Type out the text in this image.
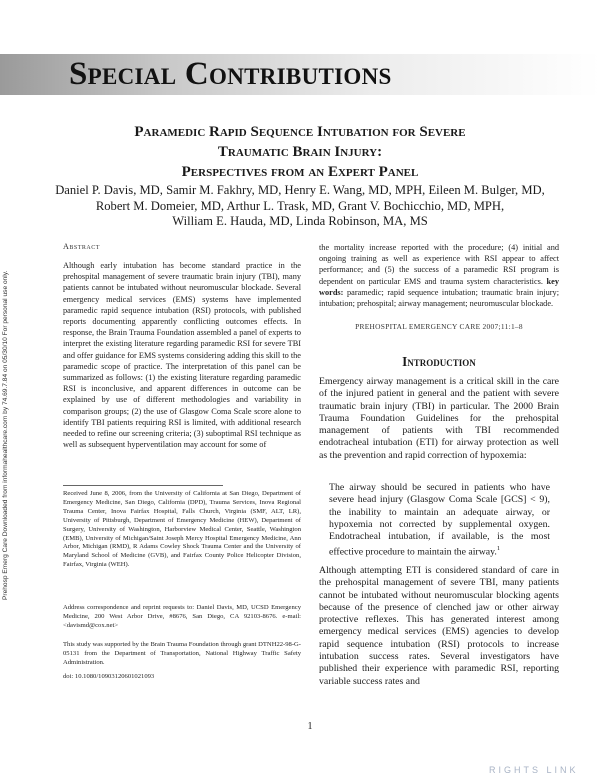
Special Contributions
Prehosp Emerg Care Downloaded from informahealthcare.com by 74.69.7.84 on 05/30/10 For personal use only.
Paramedic Rapid Sequence Intubation for Severe
Traumatic Brain Injury:
Perspectives from an Expert Panel
Daniel P. Davis, MD, Samir M. Fakhry, MD, Henry E. Wang, MD, MPH, Eileen M. Bulger, MD,
Robert M. Domeier, MD, Arthur L. Trask, MD, Grant V. Bochicchio, MD, MPH,
William E. Hauda, MD, Linda Robinson, MA, MS
Abstract
Although early intubation has become standard practice in the prehospital management of severe traumatic brain injury (TBI), many patients cannot be intubated without neuromuscular blockade. Several emergency medical services (EMS) systems have implemented paramedic rapid sequence intubation (RSI) protocols, with published reports documenting apparently conflicting outcomes effects. In response, the Brain Trauma Foundation assembled a panel of experts to interpret the existing literature regarding paramedic RSI for severe TBI and offer guidance for EMS systems considering adding this skill to the paramedic scope of practice. The interpretation of this panel can be summarized as follows: (1) the existing literature regarding paramedic RSI is inconclusive, and apparent differences in outcome can be explained by use of different methodologies and variability in comparison groups; (2) the use of Glasgow Coma Scale score alone to identify TBI patients requiring RSI is limited, with additional research needed to refine our screening criteria; (3) suboptimal RSI technique as well as subsequent hyperventilation may account for some of
Received June 8, 2006, from the University of California at San Diego, Department of Emergency Medicine, San Diego, California (DPD), Trauma Services, Inova Regional Trauma Center, Inova Fairfax Hospital, Falls Church, Virginia (SMF, ALT, LR), University of Pittsburgh, Department of Emergency Medicine (HEW), Department of Surgery, University of Washington, Harborview Medical Center, Seattle, Washington (EMB), University of Michigan/Saint Joseph Mercy Hospital Emergency Medicine, Ann Arbor, Michigan (RMD), R Adams Cowley Shock Trauma Center and the University of Maryland School of Medicine (GVB), and Fairfax County Police Helicopter Division, Fairfax, Virginia (WEH).
Address correspondence and reprint requests to: Daniel Davis, MD, UCSD Emergency Medicine, 200 West Arbor Drive, #8676, San Diego, CA 92103-8676. e-mail: <davismd@cox.net>
This study was supported by the Brain Trauma Foundation through grant DTNH22-98-G-05131 from the Department of Transportation, National Highway Traffic Safety Administration.
doi: 10.1080/10903120601021093
the mortality increase reported with the procedure; (4) initial and ongoing training as well as experience with RSI appear to affect performance; and (5) the success of a paramedic RSI program is dependent on particular EMS and trauma system characteristics. key words: paramedic; rapid sequence intubation; traumatic brain injury; intubation; prehospital; airway management; neuromuscular blockade.
PREHOSPITAL EMERGENCY CARE 2007;11:1–8
Introduction
Emergency airway management is a critical skill in the care of the injured patient in general and the patient with severe traumatic brain injury (TBI) in particular. The 2000 Brain Trauma Foundation Guidelines for the prehospital management of patients with TBI recommended endotracheal intubation (ETI) for airway protection as well as the prevention and rapid correction of hypoxemia:
The airway should be secured in patients who have severe head injury (Glasgow Coma Scale [GCS] < 9), the inability to maintain an adequate airway, or hypoxemia not corrected by supplemental oxygen. Endotracheal intubation, if available, is the most effective procedure to maintain the airway.$^1$
Although attempting ETI is considered standard of care in the prehospital management of severe TBI, many patients cannot be intubated without neuromuscular blocking agents because of the presence of clenched jaw or other airway protective reflexes. This has generated interest among emergency medical services (EMS) agencies to develop rapid sequence intubation (RSI) protocols to increase intubation success rates. Several investigators have published their experience with paramedic RSI, reporting variable success rates and
1
RIGHTS LINK
